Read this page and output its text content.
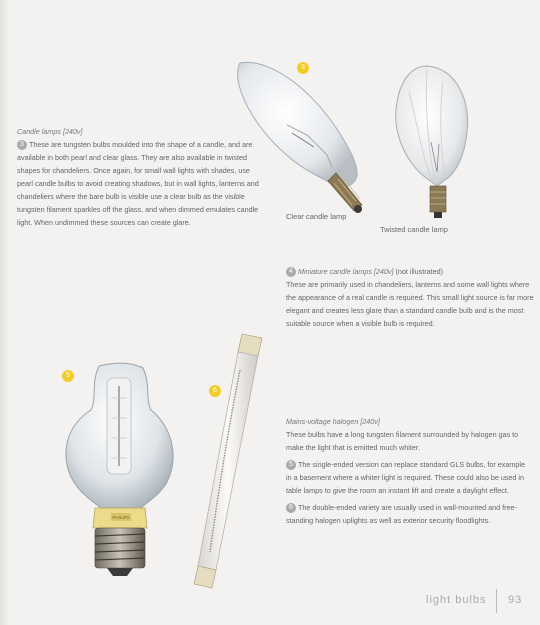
Candle lamps [240v]
3 These are tungsten bulbs moulded into the shape of a candle, and are available in both pearl and clear glass. They are also available in twisted shapes for chandeliers. Once again, for small wall lights with shades, use pearl candle bulbs to avoid creating shadows, but in wall lights, lanterns and chandeliers where the bare bulb is visible use a clear bulb as the visible tungsten filament sparkles off the glass, and when dimmed emulates candle light. When undimmed these sources can create glare.
3
Clear candle lamp
Twisted candle lamp
4 Miniature candle lamps [240v] (not illustrated)
These are primarily used in chandeliers, lanterns and some wall lights where the appearance of a real candle is required. This small light source is far more elegant and creates less glare than a standard candle bulb and is the most suitable source when a visible bulb is required.
PHILIPS
5
6
Mains-voltage halogen [240v]
These bulbs have a long tungsten filament surrounded by halogen gas to make the light that is emitted much whiter.
5 The single-ended version can replace standard GLS bulbs, for example in a basement where a whiter light is required. These could also be used in table lamps to give the room an instant lift and create a daylight effect.
6 The double-ended variety are usually used in wall-mounted and free-standing halogen uplights as well as exterior security floodlights.
light bulbs 93
